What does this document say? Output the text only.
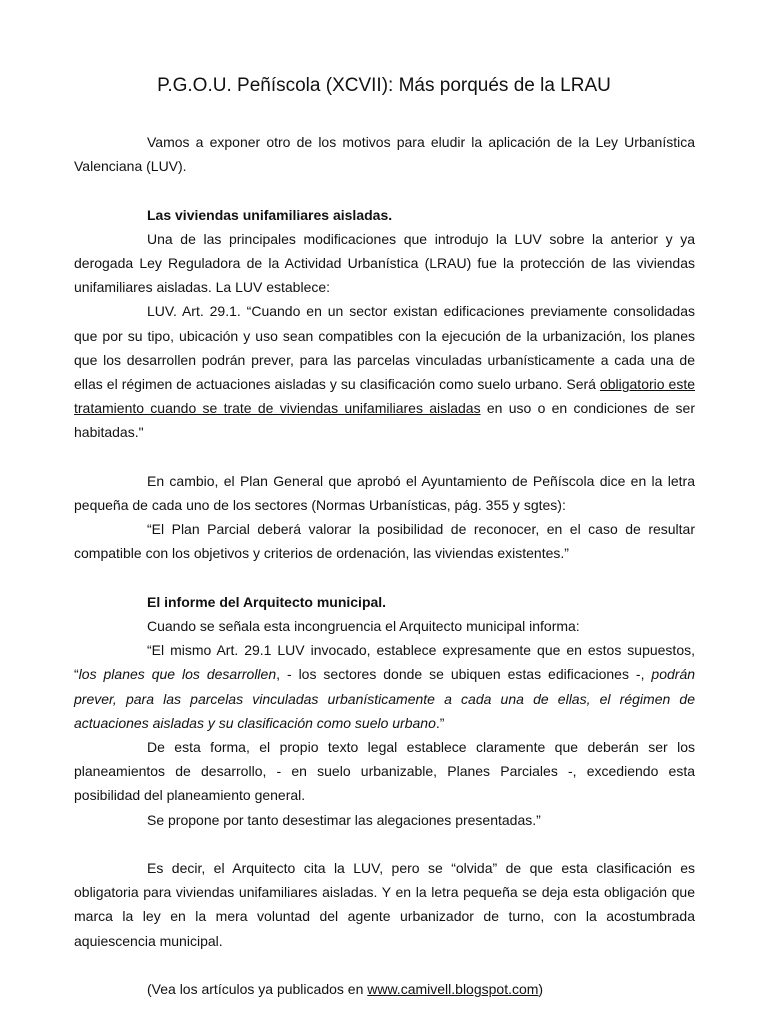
P.G.O.U. Peñíscola (XCVII): Más porqués de la LRAU

Vamos a exponer otro de los motivos para eludir la aplicación de la Ley Urbanística Valenciana (LUV).

Las viviendas unifamiliares aisladas.

Una de las principales modificaciones que introdujo la LUV sobre la anterior y ya derogada Ley Reguladora de la Actividad Urbanística (LRAU) fue la protección de las viviendas unifamiliares aisladas. La LUV establece:

LUV. Art. 29.1. “Cuando en un sector existan edificaciones previamente consolidadas que por su tipo, ubicación y uso sean compatibles con la ejecución de la urbanización, los planes que los desarrollen podrán prever, para las parcelas vinculadas urbanísticamente a cada una de ellas el régimen de actuaciones aisladas y su clasificación como suelo urbano. Será obligatorio este tratamiento cuando se trate de viviendas unifamiliares aisladas en uso o en condiciones de ser habitadas."

En cambio, el Plan General que aprobó el Ayuntamiento de Peñíscola dice en la letra pequeña de cada uno de los sectores (Normas Urbanísticas, pág. 355 y sgtes):

“El Plan Parcial deberá valorar la posibilidad de reconocer, en el caso de resultar compatible con los objetivos y criterios de ordenación, las viviendas existentes.”

El informe del Arquitecto municipal.

Cuando se señala esta incongruencia el Arquitecto municipal informa:

“El mismo Art. 29.1 LUV invocado, establece expresamente que en estos supuestos, “los planes que los desarrollen, - los sectores donde se ubiquen estas edificaciones -, podrán prever, para las parcelas vinculadas urbanísticamente a cada una de ellas, el régimen de actuaciones aisladas y su clasificación como suelo urbano.”

De esta forma, el propio texto legal establece claramente que deberán ser los planeamientos de desarrollo, - en suelo urbanizable, Planes Parciales -, excediendo esta posibilidad del planeamiento general.

Se propone por tanto desestimar las alegaciones presentadas.”

Es decir, el Arquitecto cita la LUV, pero se “olvida” de que esta clasificación es obligatoria para viviendas unifamiliares aisladas. Y en la letra pequeña se deja esta obligación que marca la ley en la mera voluntad del agente urbanizador de turno, con la acostumbrada aquiescencia municipal.

(Vea los artículos ya publicados en www.camivell.blogspot.com)
